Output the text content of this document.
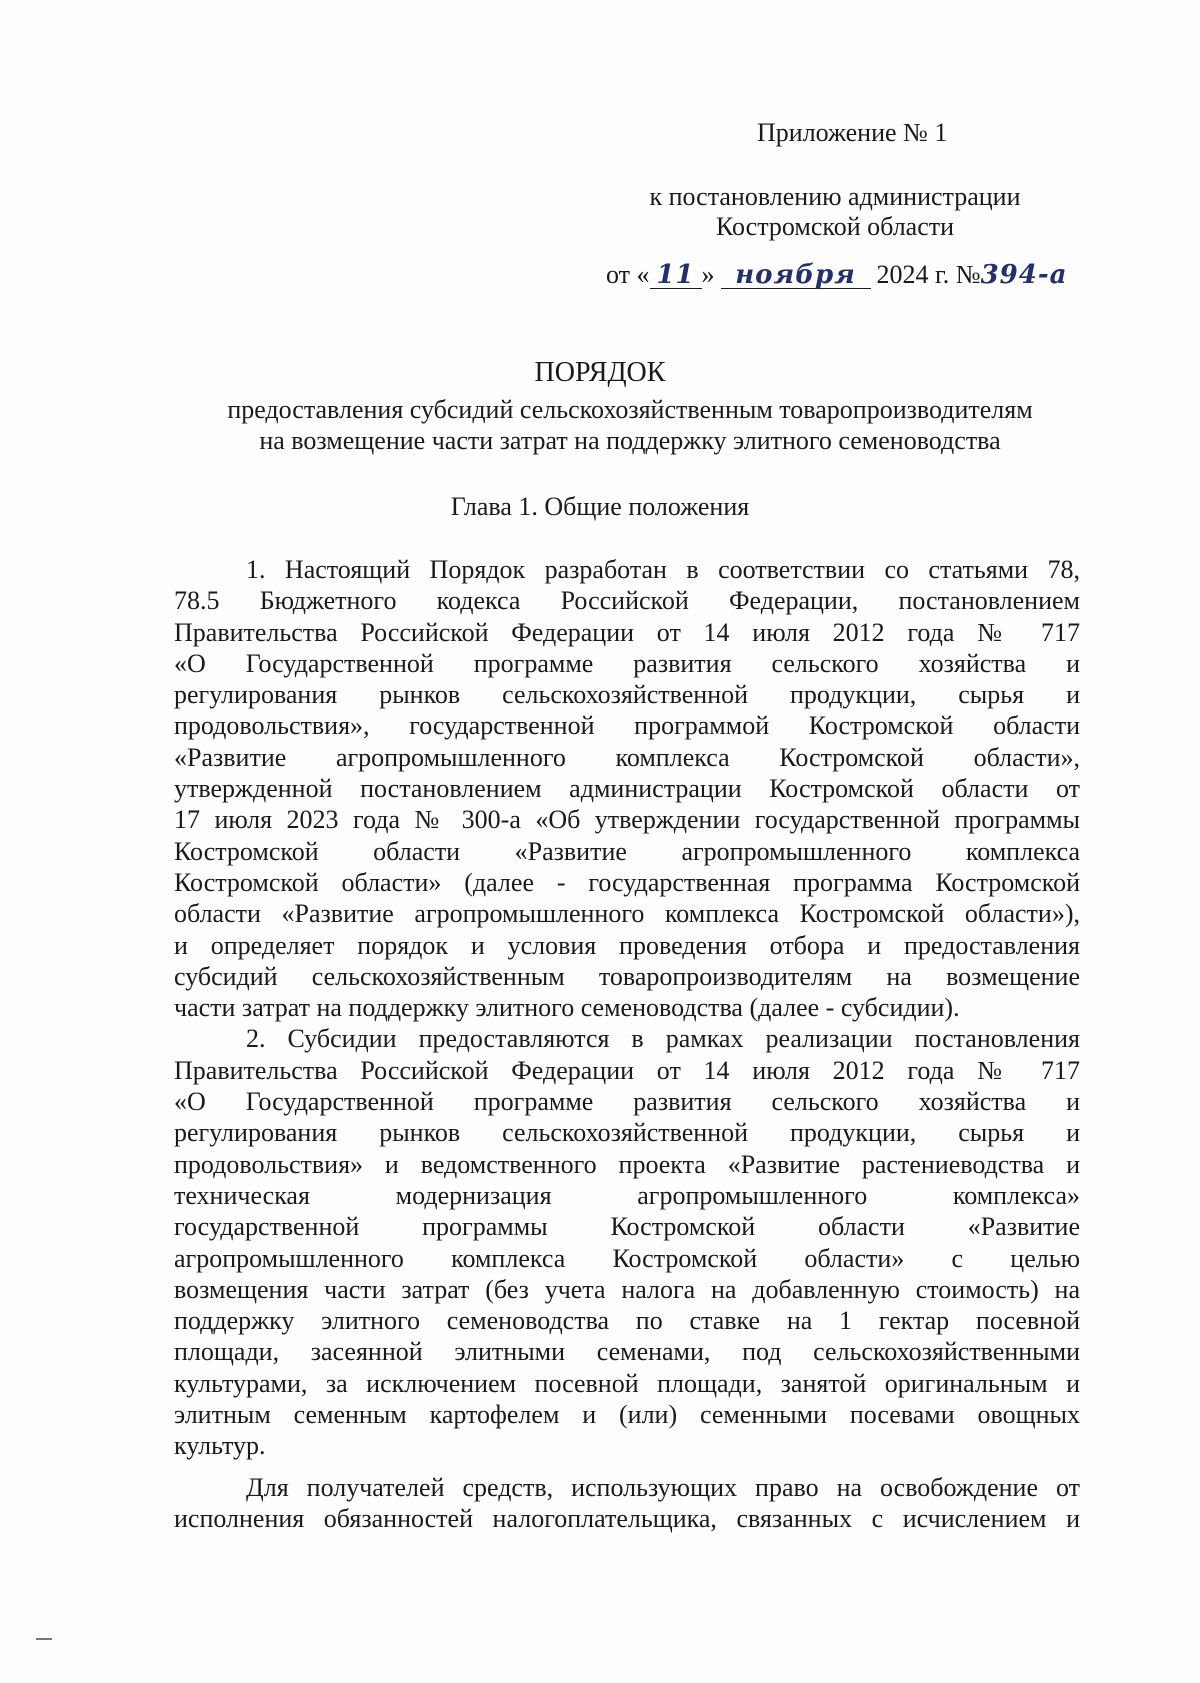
Приложение № 1
к постановлению администрации
Костромской области
от « 11 » ноября 2024 г. №394-а
ПОРЯДОК
предоставления субсидий сельскохозяйственным товаропроизводителям
на возмещение части затрат на поддержку элитного семеноводства
Глава 1. Общие положения
1. Настоящий Порядок разработан в соответствии со статьями 78,
78.5 Бюджетного кодекса Российской Федерации, постановлением
Правительства Российской Федерации от 14 июля 2012 года № 717
«О Государственной программе развития сельского хозяйства и
регулирования рынков сельскохозяйственной продукции, сырья и
продовольствия», государственной программой Костромской области
«Развитие агропромышленного комплекса Костромской области»,
утвержденной постановлением администрации Костромской области от
17 июля 2023 года № 300-а «Об утверждении государственной программы
Костромской области «Развитие агропромышленного комплекса
Костромской области» (далее - государственная программа Костромской
области «Развитие агропромышленного комплекса Костромской области»),
и определяет порядок и условия проведения отбора и предоставления
субсидий сельскохозяйственным товаропроизводителям на возмещение
части затрат на поддержку элитного семеноводства (далее - субсидии).
2. Субсидии предоставляются в рамках реализации постановления
Правительства Российской Федерации от 14 июля 2012 года № 717
«О Государственной программе развития сельского хозяйства и
регулирования рынков сельскохозяйственной продукции, сырья и
продовольствия» и ведомственного проекта «Развитие растениеводства и
техническая модернизация агропромышленного комплекса»
государственной программы Костромской области «Развитие
агропромышленного комплекса Костромской области» с целью
возмещения части затрат (без учета налога на добавленную стоимость) на
поддержку элитного семеноводства по ставке на 1 гектар посевной
площади, засеянной элитными семенами, под сельскохозяйственными
культурами, за исключением посевной площади, занятой оригинальным и
элитным семенным картофелем и (или) семенными посевами овощных
культур.
Для получателей средств, использующих право на освобождение от
исполнения обязанностей налогоплательщика, связанных с исчислением и
